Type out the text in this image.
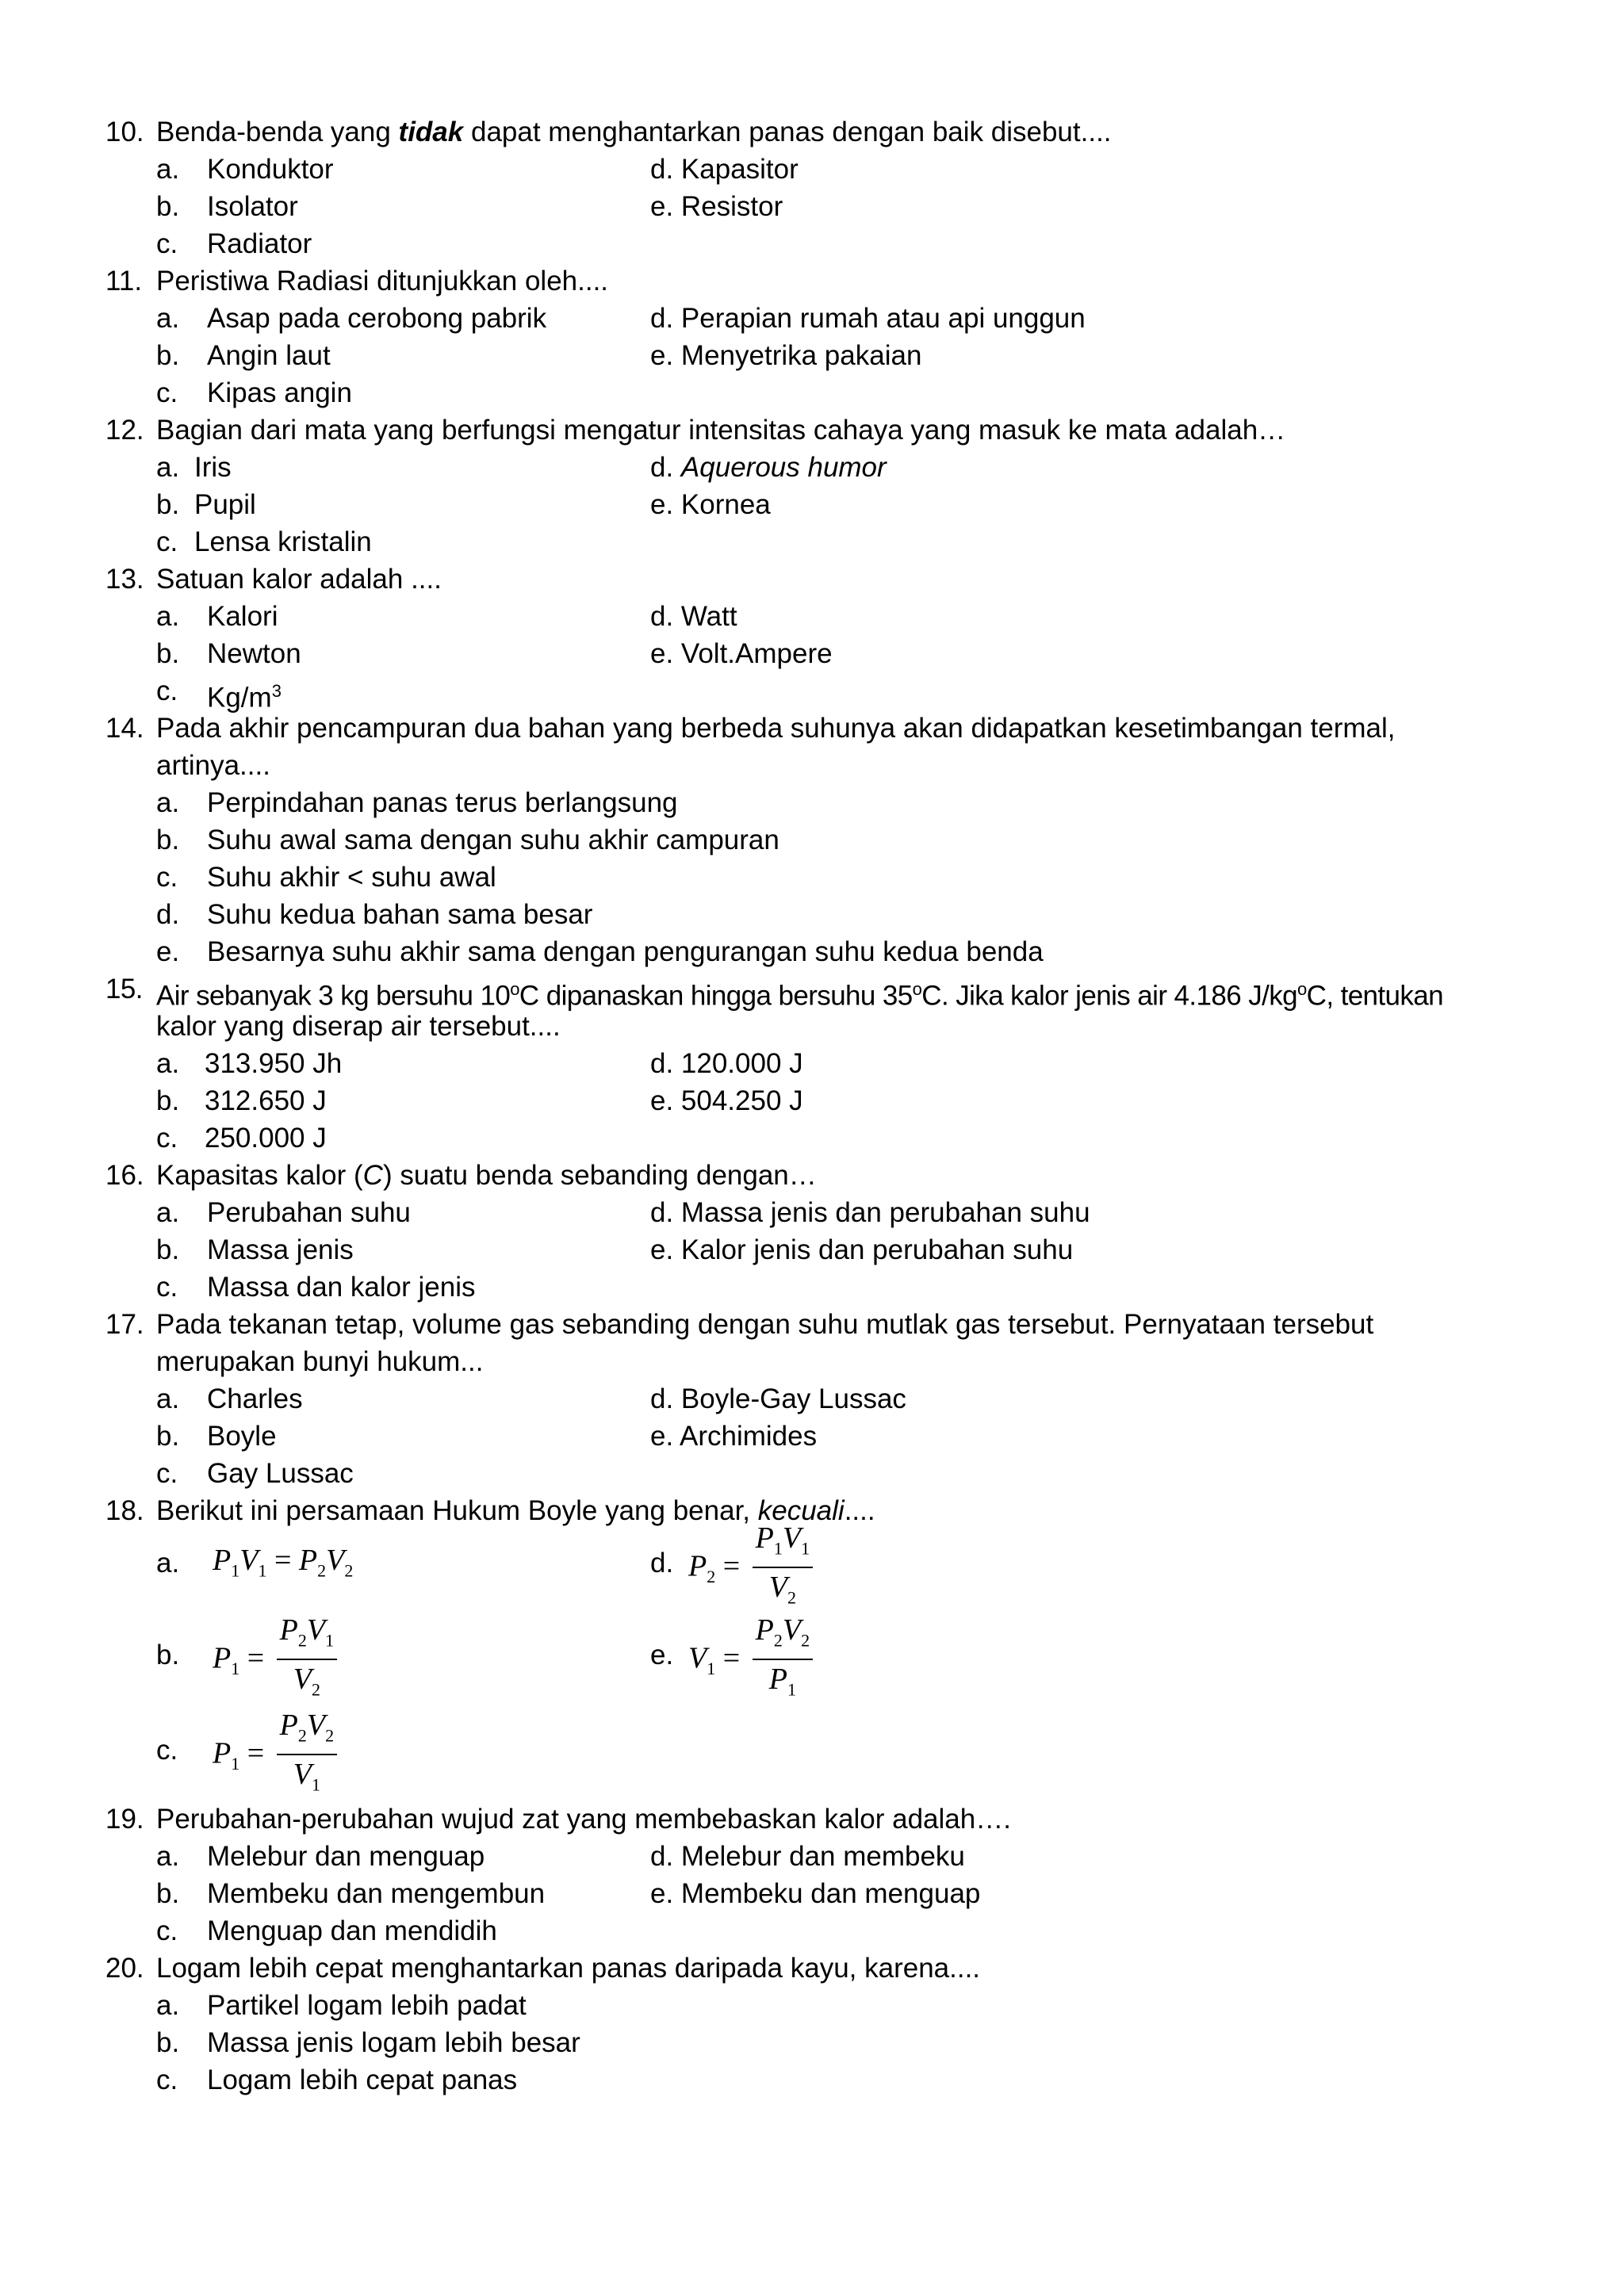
10. Benda-benda yang tidak dapat menghantarkan panas dengan baik disebut....
a. Konduktor	d. Kapasitor
b. Isolator	e. Resistor
c. Radiator
11. Peristiwa Radiasi ditunjukkan oleh....
a. Asap pada cerobong pabrik	d. Perapian rumah atau api unggun
b. Angin laut	e. Menyetrika pakaian
c. Kipas angin
12. Bagian dari mata yang berfungsi mengatur intensitas cahaya yang masuk ke mata adalah…
a. Iris	d. Aquerous humor
b. Pupil	e. Kornea
c. Lensa kristalin
13. Satuan kalor adalah ....
a. Kalori	d. Watt
b. Newton	e. Volt.Ampere
c. $Kg/m^3$
14. Pada akhir pencampuran dua bahan yang berbeda suhunya akan didapatkan kesetimbangan termal,
artinya....
a. Perpindahan panas terus berlangsung
b. Suhu awal sama dengan suhu akhir campuran
c. Suhu akhir < suhu awal
d. Suhu kedua bahan sama besar
e. Besarnya suhu akhir sama dengan pengurangan suhu kedua benda
15. Air sebanyak 3 kg bersuhu 10$^o$C dipanaskan hingga bersuhu 35$^o$C. Jika kalor jenis air 4.186 $J/kg^oC$, tentukan
kalor yang diserap air tersebut....
a. 313.950 Jh	d. 120.000 J
b. 312.650 J	e. 504.250 J
c. 250.000 J
16. Kapasitas kalor (C) suatu benda sebanding dengan…
a. Perubahan suhu	d. Massa jenis dan perubahan suhu
b. Massa jenis	e. Kalor jenis dan perubahan suhu
c. Massa dan kalor jenis
17. Pada tekanan tetap, volume gas sebanding dengan suhu mutlak gas tersebut. Pernyataan tersebut
merupakan bunyi hukum...
a. Charles	d. Boyle-Gay Lussac
b. Boyle	e. Archimides
c. Gay Lussac
18. Berikut ini persamaan Hukum Boyle yang benar, kecuali....
a. $P_1V_1 = P_2V_2$	d. $P_2 = \frac{P_1V_1}{V_2}$
b. $P_1 = \frac{P_2V_1}{V_2}$	e. $V_1 = \frac{P_2V_2}{P_1}$
c. $P_1 = \frac{P_2V_2}{V_1}$
19. Perubahan-perubahan wujud zat yang membebaskan kalor adalah….
a. Melebur dan menguap	d. Melebur dan membeku
b. Membeku dan mengembun	e. Membeku dan menguap
c. Menguap dan mendidih
20. Logam lebih cepat menghantarkan panas daripada kayu, karena....
a. Partikel logam lebih padat
b. Massa jenis logam lebih besar
c. Logam lebih cepat panas
